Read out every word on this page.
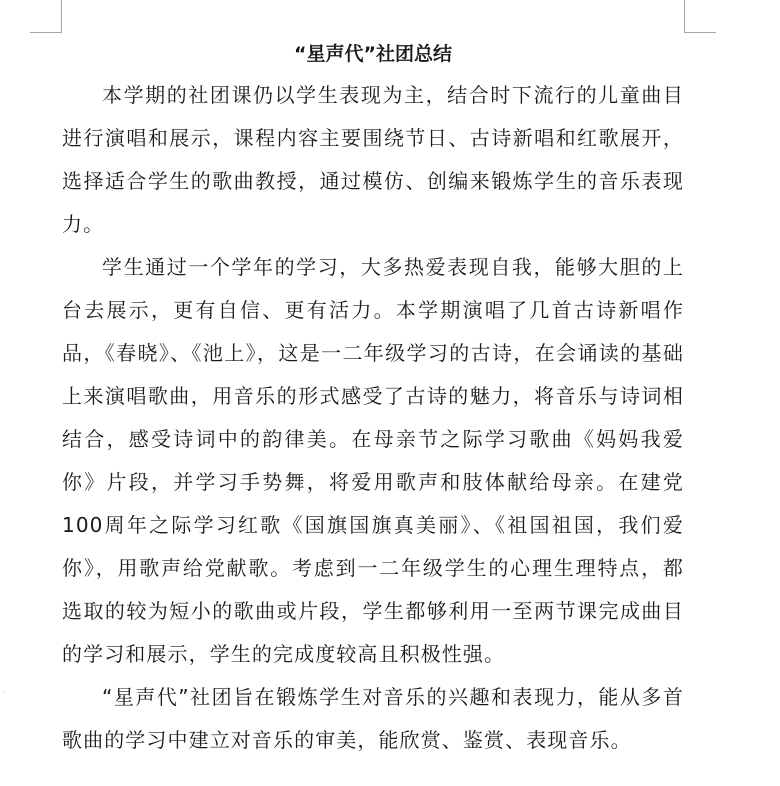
·
“星声代”社团总结

本学期的社团课仍以学生表现为主，结合时下流行的儿童曲目进行演唱和展示，课程内容主要围绕节日、古诗新唱和红歌展开，选择适合学生的歌曲教授，通过模仿、创编来锻炼学生的音乐表现力。

学生通过一个学年的学习，大多热爱表现自我，能够大胆的上台去展示，更有自信、更有活力。本学期演唱了几首古诗新唱作品，《春晓》、《池上》，这是一二年级学习的古诗，在会诵读的基础上来演唱歌曲，用音乐的形式感受了古诗的魅力，将音乐与诗词相结合，感受诗词中的韵律美。在母亲节之际学习歌曲《妈妈我爱你》片段，并学习手势舞，将爱用歌声和肢体献给母亲。在建党100周年之际学习红歌《国旗国旗真美丽》、《祖国祖国，我们爱你》，用歌声给党献歌。考虑到一二年级学生的心理生理特点，都选取的较为短小的歌曲或片段，学生都够利用一至两节课完成曲目的学习和展示，学生的完成度较高且积极性强。

“星声代”社团旨在锻炼学生对音乐的兴趣和表现力，能从多首歌曲的学习中建立对音乐的审美，能欣赏、鉴赏、表现音乐。
